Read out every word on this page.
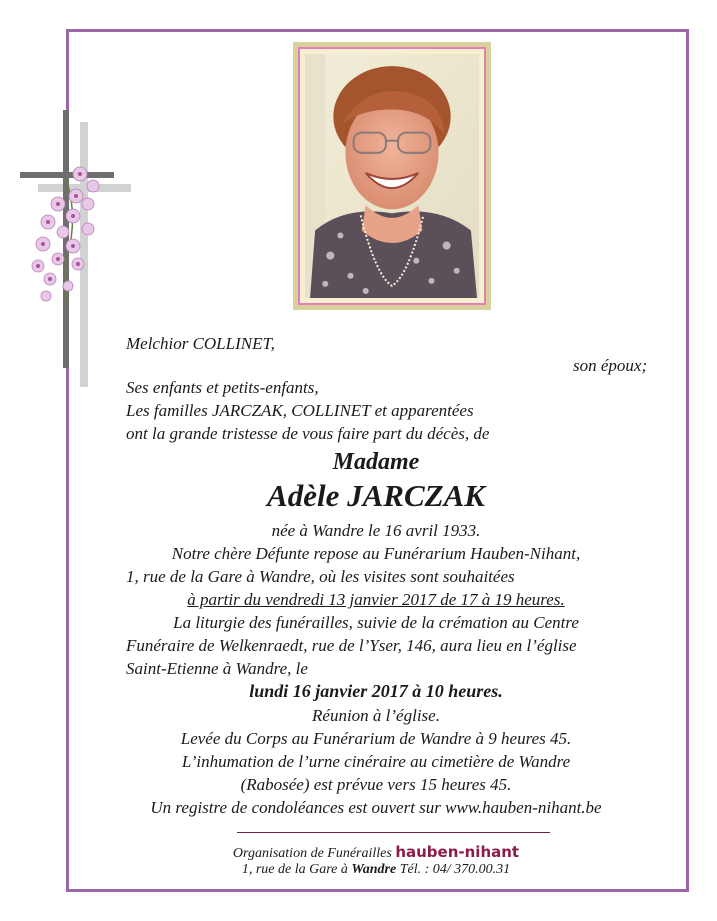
Melchior COLLINET,
son époux;
Ses enfants et petits-enfants,
Les familles JARCZAK, COLLINET et apparentées
ont la grande tristesse de vous faire part du décès, de
Madame
Adèle JARCZAK
née à Wandre le 16 avril 1933.
Notre chère Défunte repose au Funérarium Hauben-Nihant,
1, rue de la Gare à Wandre, où les visites sont souhaitées
à partir du vendredi 13 janvier 2017 de 17 à 19 heures.
La liturgie des funérailles, suivie de la crémation au Centre
Funéraire de Welkenraedt, rue de l’Yser, 146, aura lieu en l’église
Saint-Etienne à Wandre, le
lundi 16 janvier 2017 à 10 heures.
Réunion à l’église.
Levée du Corps au Funérarium de Wandre à 9 heures 45.
L’inhumation de l’urne cinéraire au cimetière de Wandre
(Rabosée) est prévue vers 15 heures 45.
Un registre de condoléances est ouvert sur www.hauben-nihant.be
Organisation de Funérailles hauben-nihant
1, rue de la Gare à Wandre Tél. : 04/ 370.00.31
